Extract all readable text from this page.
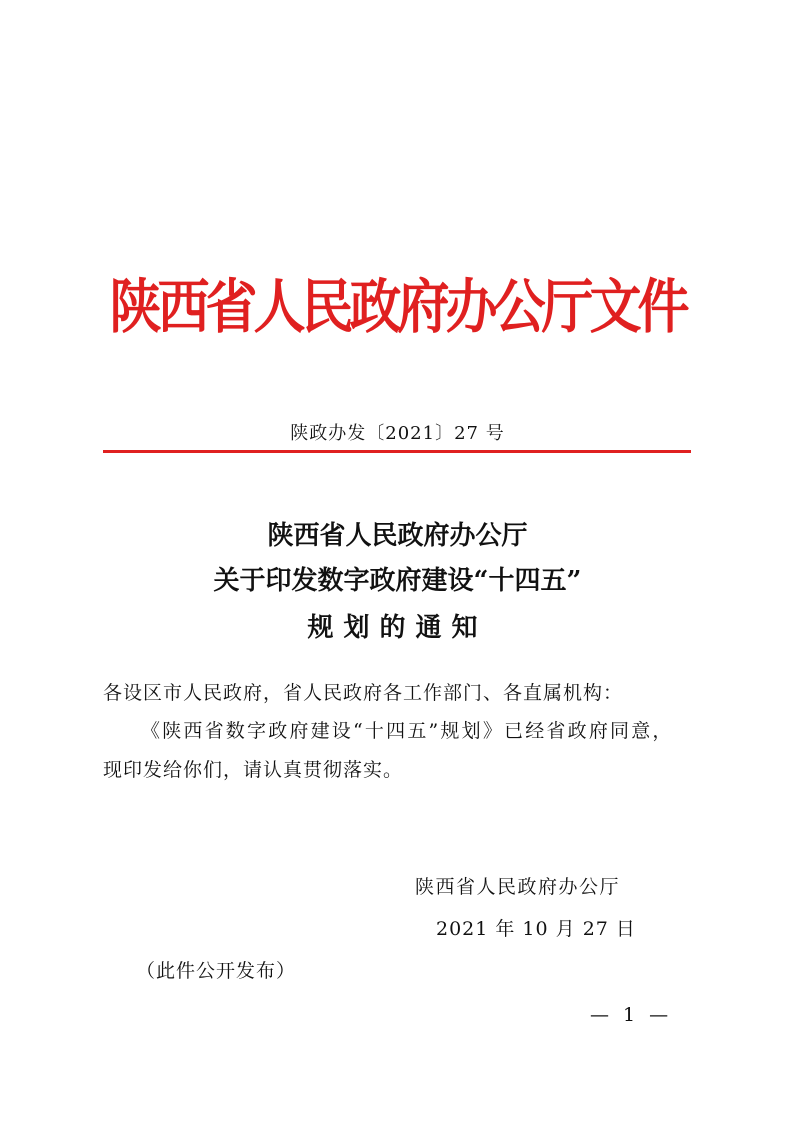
陕西省人民政府办公厅文件
陕政办发〔2021〕27 号
陕西省人民政府办公厅
关于印发数字政府建设“十四五”
规划的通知
各设区市人民政府，省人民政府各工作部门、各直属机构：
《陕西省数字政府建设“十四五”规划》已经省政府同意，
现印发给你们，请认真贯彻落实。
陕西省人民政府办公厅
2021 年 10 月 27 日
（此件公开发布）
— 1 —
